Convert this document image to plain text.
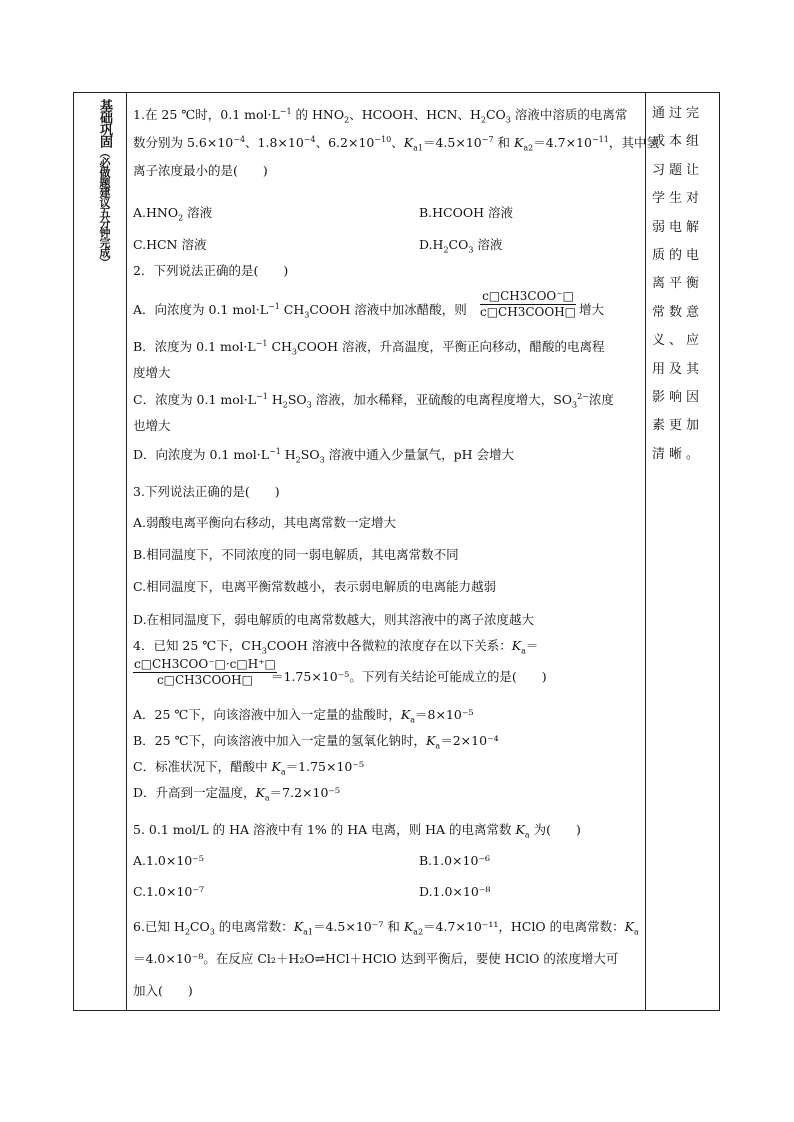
基础巩固（必做题建议五分钟完成）
1.在 25 ℃时，0.1 $mol\cdot L^{-1}$ 的 $HNO_2$、HCOOH、HCN、$H_2CO_3$ 溶液中溶质的电离常
数分别为 $5.6\times 10^{-4}$、$1.8\times 10^{-4}$、$6.2\times 10^{-10}$、$K_{a1}=4.5\times 10^{-7}$ 和 $K_{a2}=4.7\times 10^{-11}$，其中氢
离子浓度最小的是(　　)
$A.HNO_2$ 溶液	B.HCOOH 溶液
C.HCN 溶液	$D.H_2CO_3$ 溶液
2．下列说法正确的是(　　)
A．向浓度为 0.1 $mol\cdot L^{-1}$ $CH_3COOH$ 溶液中加冰醋酸，则
c□CH3COO⁻□
c□CH3COOH□ 增大
B．浓度为 0.1 $mol\cdot L^{-1}$ $CH_3COOH$ 溶液，升高温度，平衡正向移动，醋酸的电离程
度增大
C．浓度为 0.1 $mol\cdot L^{-1}$ $H_2SO_3$ 溶液，加水稀释，亚硫酸的电离程度增大，$SO_3^{2-}$浓度
也增大
D．向浓度为 0.1 $mol\cdot L^{-1}$ $H_2SO_3$ 溶液中通入少量氯气，pH 会增大
3.下列说法正确的是(　　)
A.弱酸电离平衡向右移动，其电离常数一定增大
B.相同温度下，不同浓度的同一弱电解质，其电离常数不同
C.相同温度下，电离平衡常数越小，表示弱电解质的电离能力越弱
D.在相同温度下，弱电解质的电离常数越大，则其溶液中的离子浓度越大
4．已知 25 ℃下，$CH_3COOH$ 溶液中各微粒的浓度存在以下关系：$K_a=$
c□CH3COO⁻□·c□H⁺□
c□CH3COOH□	＝1.75×10⁻⁵。下列有关结论可能成立的是(　　)
A．25 ℃下，向该溶液中加入一定量的盐酸时，$K_a=8\times 10^{-5}$
B．25 ℃下，向该溶液中加入一定量的氢氧化钠时，$K_a=2\times 10^{-4}$
C．标准状况下，醋酸中 $K_a=1.75\times 10^{-5}$
D．升高到一定温度，$K_a=7.2\times 10^{-5}$
5. 0.1 mol/L 的 HA 溶液中有 1% 的 HA 电离，则 HA 的电离常数 $K_a$ 为(　　)
A.1.0×10⁻⁵	B.1.0×10⁻⁶
C.1.0×10⁻⁷	D.1.0×10⁻⁸
6.已知 $H_2CO_3$ 的电离常数：$K_{a1}=4.5\times 10^{-7}$ 和 $K_{a2}=4.7\times 10^{-11}$，HClO 的电离常数：$K_a$
＝4.0×10⁻⁸。在反应 Cl₂＋H₂O⇌HCl＋HClO 达到平衡后，要使 HClO 的浓度增大可
加入(　　)
通过完成本组习题让学生对弱电解质的电离平衡常数意义、应用及其影响因素更加清晰。
